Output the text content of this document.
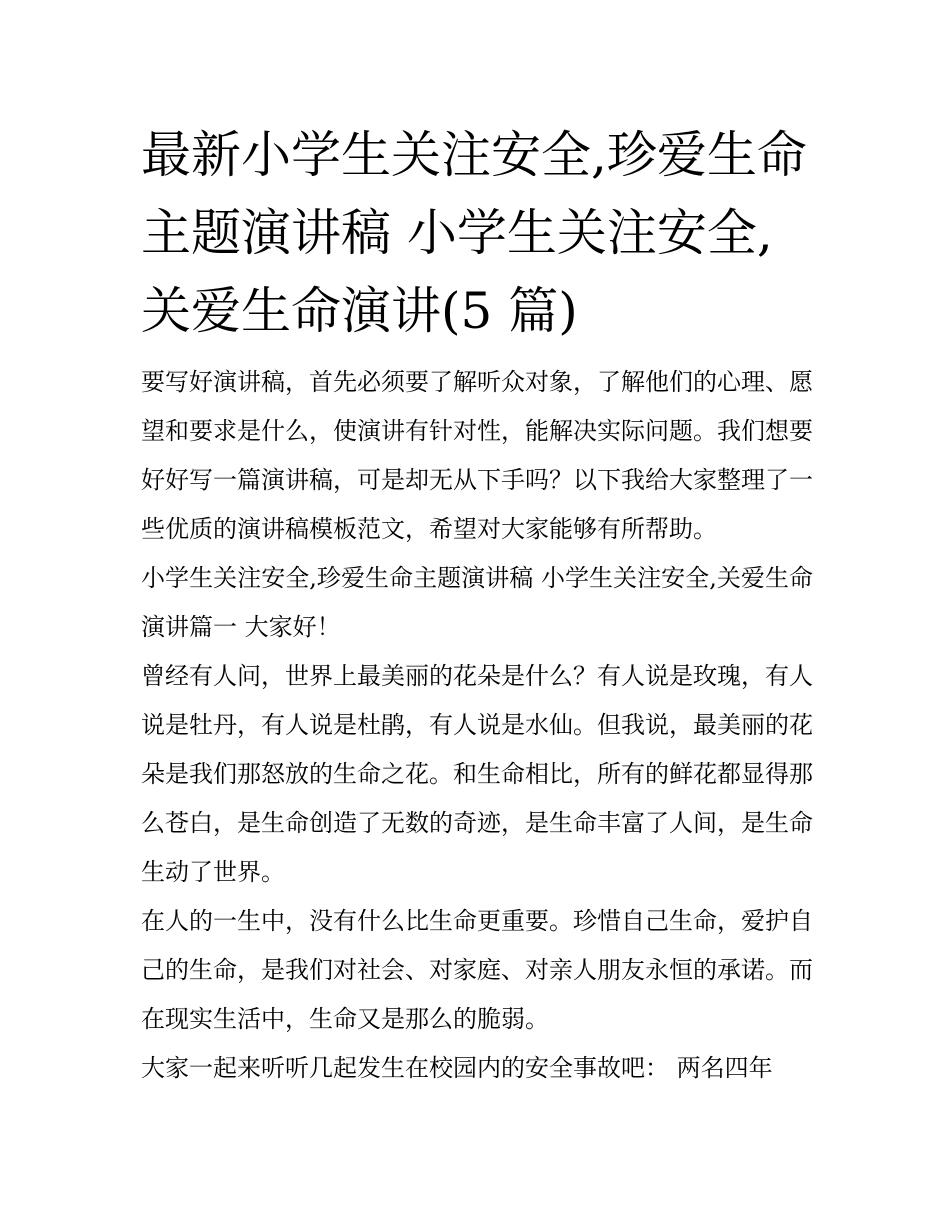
最新小学生关注安全,珍爱生命主题演讲稿 小学生关注安全,关爱生命演讲(5 篇)

要写好演讲稿，首先必须要了解听众对象，了解他们的心理、愿望和要求是什么，使演讲有针对性，能解决实际问题。我们想要好好写一篇演讲稿，可是却无从下手吗？以下我给大家整理了一些优质的演讲稿模板范文，希望对大家能够有所帮助。

小学生关注安全,珍爱生命主题演讲稿 小学生关注安全,关爱生命演讲篇一 大家好！

曾经有人问，世界上最美丽的花朵是什么？有人说是玫瑰，有人说是牡丹，有人说是杜鹃，有人说是水仙。但我说，最美丽的花朵是我们那怒放的生命之花。和生命相比，所有的鲜花都显得那么苍白，是生命创造了无数的奇迹，是生命丰富了人间，是生命生动了世界。

在人的一生中，没有什么比生命更重要。珍惜自己生命，爱护自己的生命，是我们对社会、对家庭、对亲人朋友永恒的承诺。而在现实生活中，生命又是那么的脆弱。

大家一起来听听几起发生在校园内的安全事故吧： 两名四年
